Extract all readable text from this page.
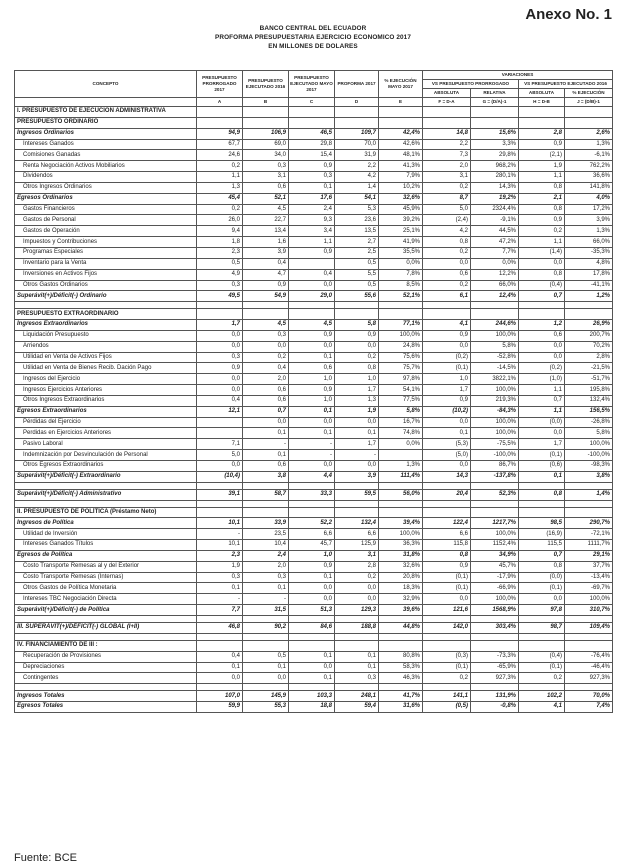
Anexo No. 1
BANCO CENTRAL DEL ECUADOR
PROFORMA PRESUPUESTARIA EJERCICIO ECONOMICO 2017
EN MILLONES DE DOLARES
CONCEPTO	PRESUPUESTO PRORROGADO 2017	PRESUPUESTO EJECUTADO 2016	PRESUPUESTO EJECUTADO MAYO 2017	PROFORMA 2017	% EJECUCIÓN MAYO 2017	VARIACIONES			
						VS PRESUPUESTO PRORROGADO		VS PRESUPUESTO EJECUTADO 2016	
						ABSOLUTA	RELATIVA	ABSOLUTA	% EJECUCIÓN
	A	B	C	D	E	F = D-A	G = (D/A)-1	H = D-B	J = (D/B)-1
I. PRESUPUESTO DE EJECUCIÓN ADMINISTRATIVA									
PRESUPUESTO ORDINARIO									
Ingresos Ordinarios	94,9	106,9	46,5	109,7	42,4%	14,8	15,6%	2,8	2,6%
Intereses Ganados	67,7	69,0	29,8	70,0	42,6%	2,2	3,3%	0,9	1,3%
Comisiones Ganadas	24,6	34,0	15,4	31,9	48,1%	7,3	29,8%	(2,1)	-6,1%
Renta Negociación Activos Mobiliarios	0,2	0,3	0,9	2,2	41,3%	2,0	968,2%	1,9	762,2%
Dividendos	1,1	3,1	0,3	4,2	7,9%	3,1	280,1%	1,1	36,6%
Otros Ingresos Ordinarios	1,3	0,6	0,1	1,4	10,2%	0,2	14,3%	0,8	141,8%
Egresos Ordinarios	45,4	52,1	17,6	54,1	32,6%	8,7	19,2%	2,1	4,0%
Gastos Financieros	0,2	4,5	2,4	5,3	45,9%	5,0	2324,4%	0,8	17,2%
Gastos de Personal	26,0	22,7	9,3	23,6	39,2%	(2,4)	-9,1%	0,9	3,9%
Gastos de Operación	9,4	13,4	3,4	13,5	25,1%	4,2	44,5%	0,2	1,3%
Impuestos y Contribuciones	1,8	1,6	1,1	2,7	41,9%	0,8	47,2%	1,1	66,0%
Programas Especiales	2,3	3,9	0,9	2,5	35,5%	0,2	7,7%	(1,4)	-35,3%
Inventario para la Venta	0,5	0,4		0,5	0,0%	0,0	0,0%	0,0	4,8%
Inversiones en Activos Fijos	4,9	4,7	0,4	5,5	7,8%	0,6	12,2%	0,8	17,8%
Otros Gastos Ordinarios	0,3	0,9	0,0	0,5	8,5%	0,2	66,0%	(0,4)	-41,1%
Superávit(+)/Déficit(-) Ordinario	49,5	54,9	29,0	55,6	52,1%	6,1	12,4%	0,7	1,2%

PRESUPUESTO EXTRAORDINARIO									
Ingresos Extraordinarios	1,7	4,5	4,5	5,8	77,1%	4,1	244,6%	1,2	26,9%
Liquidación Presupuesto	0,0	0,3	0,9	0,9	100,0%	0,9	100,0%	0,6	200,7%
Arriendos	0,0	0,0	0,0	0,0	24,8%	0,0	5,8%	0,0	70,2%
Utilidad en Venta de Activos Fijos	0,3	0,2	0,1	0,2	75,6%	(0,2)	-52,8%	0,0	2,8%
Utilidad en Venta de Bienes Recib. Dación Pago	0,9	0,4	0,6	0,8	75,7%	(0,1)	-14,5%	(0,2)	-21,5%
Ingresos del Ejercicio	0,0	2,0	1,0	1,0	97,8%	1,0	3822,1%	(1,0)	-51,7%
Ingresos Ejercicios Anteriores	0,0	0,6	0,9	1,7	54,1%	1,7	100,0%	1,1	195,8%
Otros Ingresos Extraordinarios	0,4	0,6	1,0	1,3	77,5%	0,9	219,3%	0,7	132,4%
Egresos Extraordinarios	12,1	0,7	0,1	1,9	5,8%	(10,2)	-84,3%	1,1	156,5%
Pérdidas del Ejercicio		0,0	0,0	0,0	16,7%	0,0	100,0%	(0,0)	-26,8%
Perdidas en Ejercicios Anteriores		0,1	0,1	0,1	74,8%	0,1	100,0%	0,0	5,8%
Pasivo Laboral	7,1	-	-	1,7	0,0%	(5,3)	-75,5%	1,7	100,0%
Indemnización por Desvinculación de Personal	5,0	0,1	-	-		(5,0)	-100,0%	(0,1)	-100,0%
Otros Egresos Extraordinarios	0,0	0,6	0,0	0,0	1,3%	0,0	86,7%	(0,6)	-98,3%
Superávit(+)/Déficit(-) Extraordinario	(10,4)	3,8	4,4	3,9	111,4%	14,3	-137,8%	0,1	3,8%

Superávit(+)/Déficit(-) Administrativo	39,1	58,7	33,3	59,5	56,0%	20,4	52,3%	0,8	1,4%

II. PRESUPUESTO DE POLÍTICA (Préstamo Neto)									
Ingresos de Política	10,1	33,9	52,2	132,4	39,4%	122,4	1217,7%	98,5	290,7%
Utilidad de Inversión	-	23,5	6,6	6,6	100,0%	6,6	100,0%	(16,9)	-72,1%
Intereses Ganados Títulos	10,1	10,4	45,7	125,9	36,3%	115,8	1152,4%	115,5	1111,7%
Egresos de Política	2,3	2,4	1,0	3,1	31,8%	0,8	34,9%	0,7	29,1%
Costo Transporte Remesas al y del Exterior	1,9	2,0	0,9	2,8	32,6%	0,9	45,7%	0,8	37,7%
Costo Transporte Remesas (Internas)	0,3	0,3	0,1	0,2	20,8%	(0,1)	-17,9%	(0,0)	-13,4%
Otros Gastos de Política Monetaria	0,1	0,1	0,0	0,0	18,3%	(0,1)	-66,9%	(0,1)	-69,7%
Intereses TBC Negociación Directa	-	-	0,0	0,0	32,9%	0,0	100,0%	0,0	100,0%
Superávit(+)/Déficit(-) de Política	7,7	31,5	51,3	129,3	39,6%	121,6	1568,9%	97,8	310,7%

III. SUPERÁVIT(+)/DÉFICIT(-) GLOBAL (I+II)	46,8	90,2	84,6	188,8	44,8%	142,0	303,4%	98,7	109,4%

IV. FINANCIAMIENTO DE III :									
Recuperación de Provisiones	0,4	0,5	0,1	0,1	80,8%	(0,3)	-73,3%	(0,4)	-76,4%
Depreciaciones	0,1	0,1	0,0	0,1	58,3%	(0,1)	-65,9%	(0,1)	-46,4%
Contingentes	0,0	0,0	0,1	0,3	46,3%	0,2	927,3%	0,2	927,3%

Ingresos Totales	107,0	145,9	103,3	248,1	41,7%	141,1	131,9%	102,2	70,0%
Egresos Totales	59,9	55,3	18,8	59,4	31,6%	(0,5)	-0,8%	4,1	7,4%
Fuente: BCE
